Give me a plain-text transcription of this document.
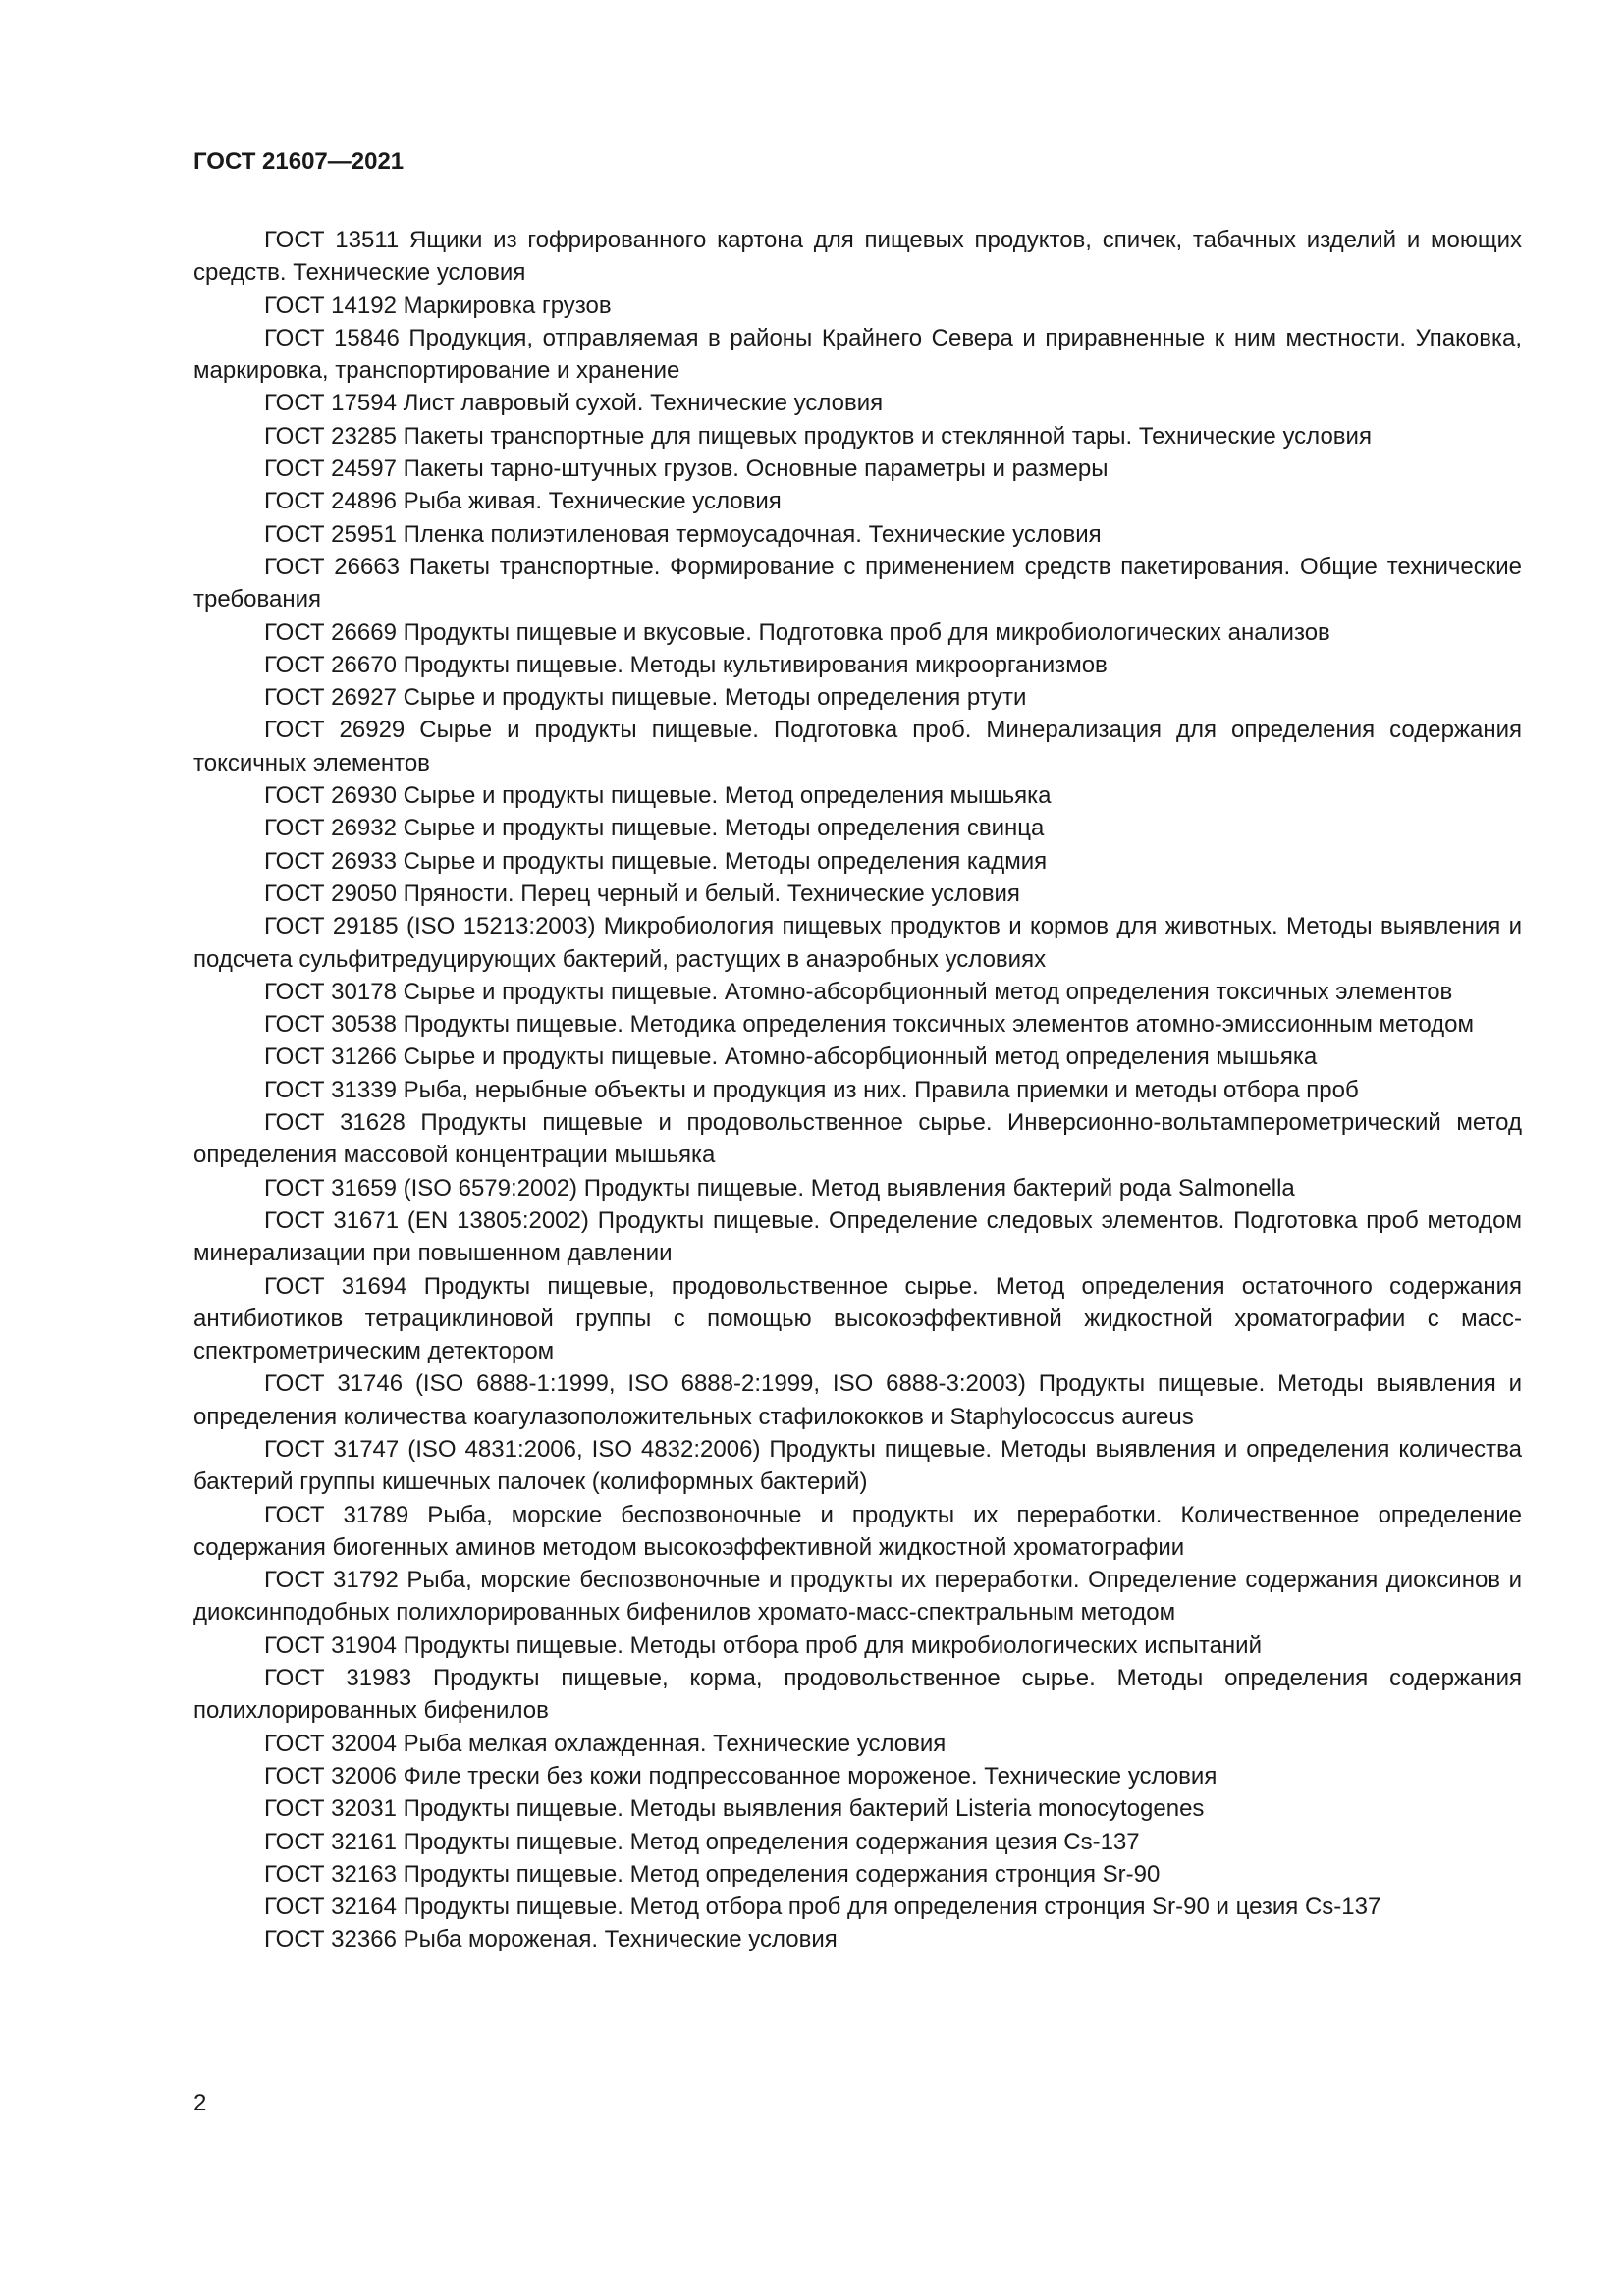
ГОСТ 21607—2021
ГОСТ 13511 Ящики из гофрированного картона для пищевых продуктов, спичек, табачных изделий и моющих средств. Технические условия
ГОСТ 14192 Маркировка грузов
ГОСТ 15846 Продукция, отправляемая в районы Крайнего Севера и приравненные к ним местности. Упаковка, маркировка, транспортирование и хранение
ГОСТ 17594 Лист лавровый сухой. Технические условия
ГОСТ 23285 Пакеты транспортные для пищевых продуктов и стеклянной тары. Технические условия
ГОСТ 24597 Пакеты тарно-штучных грузов. Основные параметры и размеры
ГОСТ 24896 Рыба живая. Технические условия
ГОСТ 25951 Пленка полиэтиленовая термоусадочная. Технические условия
ГОСТ 26663 Пакеты транспортные. Формирование с применением средств пакетирования. Общие технические требования
ГОСТ 26669 Продукты пищевые и вкусовые. Подготовка проб для микробиологических анализов
ГОСТ 26670 Продукты пищевые. Методы культивирования микроорганизмов
ГОСТ 26927 Сырье и продукты пищевые. Методы определения ртути
ГОСТ 26929 Сырье и продукты пищевые. Подготовка проб. Минерализация для определения содержания токсичных элементов
ГОСТ 26930 Сырье и продукты пищевые. Метод определения мышьяка
ГОСТ 26932 Сырье и продукты пищевые. Методы определения свинца
ГОСТ 26933 Сырье и продукты пищевые. Методы определения кадмия
ГОСТ 29050 Пряности. Перец черный и белый. Технические условия
ГОСТ 29185 (ISO 15213:2003) Микробиология пищевых продуктов и кормов для животных. Методы выявления и подсчета сульфитредуцирующих бактерий, растущих в анаэробных условиях
ГОСТ 30178 Сырье и продукты пищевые. Атомно-абсорбционный метод определения токсичных элементов
ГОСТ 30538 Продукты пищевые. Методика определения токсичных элементов атомно-эмиссионным методом
ГОСТ 31266 Сырье и продукты пищевые. Атомно-абсорбционный метод определения мышьяка
ГОСТ 31339 Рыба, нерыбные объекты и продукция из них. Правила приемки и методы отбора проб
ГОСТ 31628 Продукты пищевые и продовольственное сырье. Инверсионно-вольтамперометрический метод определения массовой концентрации мышьяка
ГОСТ 31659 (ISO 6579:2002) Продукты пищевые. Метод выявления бактерий рода Salmonella
ГОСТ 31671 (EN 13805:2002) Продукты пищевые. Определение следовых элементов. Подготовка проб методом минерализации при повышенном давлении
ГОСТ 31694 Продукты пищевые, продовольственное сырье. Метод определения остаточного содержания антибиотиков тетрациклиновой группы с помощью высокоэффективной жидкостной хроматографии с масс-спектрометрическим детектором
ГОСТ 31746 (ISO 6888-1:1999, ISO 6888-2:1999, ISO 6888-3:2003) Продукты пищевые. Методы выявления и определения количества коагулазоположительных стафилококков и Staphylococcus aureus
ГОСТ 31747 (ISO 4831:2006, ISO 4832:2006) Продукты пищевые. Методы выявления и определения количества бактерий группы кишечных палочек (колиформных бактерий)
ГОСТ 31789 Рыба, морские беспозвоночные и продукты их переработки. Количественное определение содержания биогенных аминов методом высокоэффективной жидкостной хроматографии
ГОСТ 31792 Рыба, морские беспозвоночные и продукты их переработки. Определение содержания диоксинов и диоксинподобных полихлорированных бифенилов хромато-масс-спектральным методом
ГОСТ 31904 Продукты пищевые. Методы отбора проб для микробиологических испытаний
ГОСТ 31983 Продукты пищевые, корма, продовольственное сырье. Методы определения содержания полихлорированных бифенилов
ГОСТ 32004 Рыба мелкая охлажденная. Технические условия
ГОСТ 32006 Филе трески без кожи подпрессованное мороженое. Технические условия
ГОСТ 32031 Продукты пищевые. Методы выявления бактерий Listeria monocytogenes
ГОСТ 32161 Продукты пищевые. Метод определения содержания цезия Cs-137
ГОСТ 32163 Продукты пищевые. Метод определения содержания стронция Sr-90
ГОСТ 32164 Продукты пищевые. Метод отбора проб для определения стронция Sr-90 и цезия Cs-137
ГОСТ 32366 Рыба мороженая. Технические условия
2
